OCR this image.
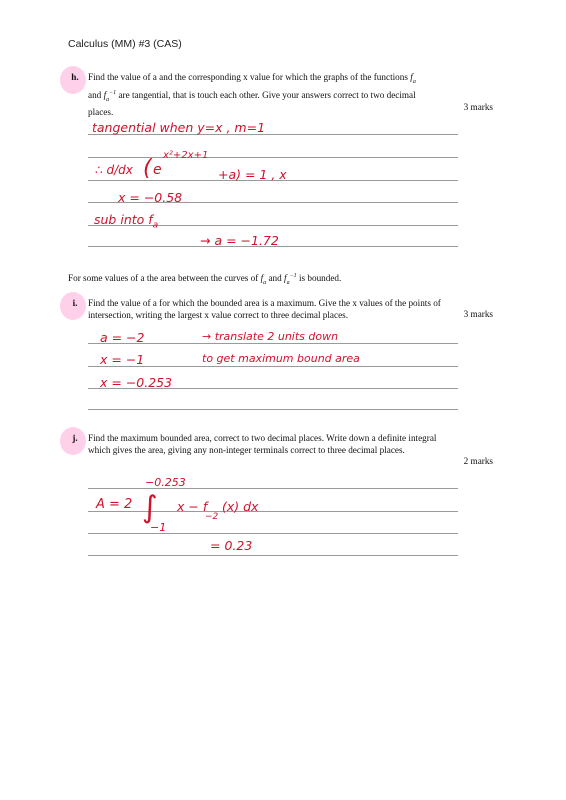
Calculus (MM) #3 (CAS)
h.	Find the value of a and the corresponding x value for which the graphs of the functions $f_a$
and $f_a^{-1}$ are tangential, that is touch each other. Give your answers correct to two decimal places.	3 marks
tangential when y=x , m=1
∴ d/dx ( e
x²+2x+1
+a) = 1 , x
x = −0.58
sub into $f_a$
→ a = −1.72
For some values of a the area between the curves of $f_a$ and $f_a^{-1}$ is bounded.
i.	Find the value of a for which the bounded area is a maximum. Give the x values of the points of intersection, writing the largest x value correct to three decimal places.	3 marks
a = −2	→ translate 2 units down
x = −1	to get maximum bound area
x = −0.253
j.	Find the maximum bounded area, correct to two decimal places. Write down a definite integral which gives the area, giving any non-integer terminals correct to three decimal places.
2 marks
−0.253
A = 2 ∫
−1
x − f
−2
(x) dx
= 0.23
